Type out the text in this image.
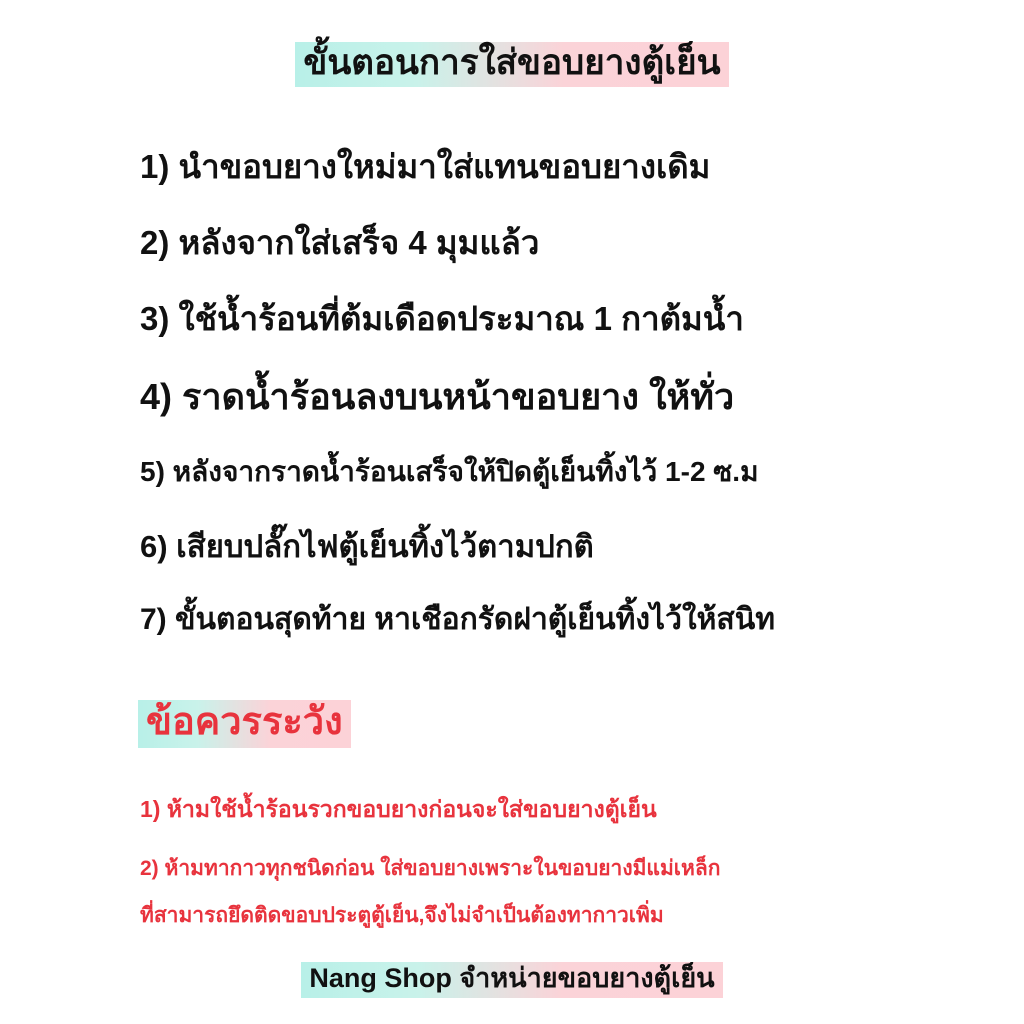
ขั้นตอนการใส่ขอบยางตู้เย็น
1) นำขอบยางใหม่มาใส่แทนขอบยางเดิม
2) หลังจากใส่เสร็จ 4 มุมแล้ว
3) ใช้น้ำร้อนที่ต้มเดือดประมาณ 1 กาต้มน้ำ
4) ราดน้ำร้อนลงบนหน้าขอบยาง ให้ทั่ว
5) หลังจากราดน้ำร้อนเสร็จให้ปิดตู้เย็นทิ้งไว้ 1-2 ซ.ม
6) เสียบปลั๊กไฟตู้เย็นทิ้งไว้ตามปกติ
7) ขั้นตอนสุดท้าย หาเชือกรัดฝาตู้เย็นทิ้งไว้ให้สนิท
ข้อควรระวัง
1) ห้ามใช้น้ำร้อนรวกขอบยางก่อนจะใส่ขอบยางตู้เย็น
2) ห้ามทากาวทุกชนิดก่อน ใส่ขอบยางเพราะในขอบยางมีแม่เหล็ก
ที่สามารถยึดติดขอบประตูตู้เย็น,จึงไม่จำเป็นต้องทากาวเพิ่ม
Nang Shop จำหน่ายขอบยางตู้เย็น
